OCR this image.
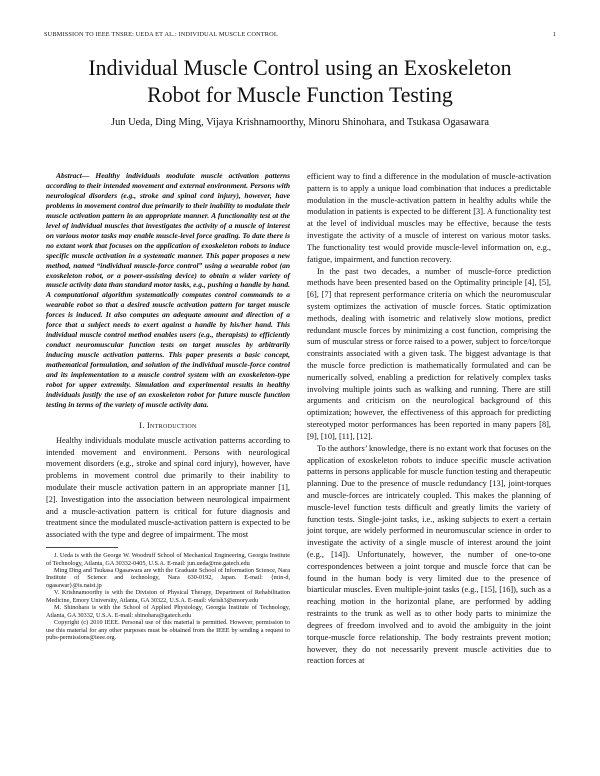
SUBMISSION TO IEEE TNSRE: UEDA ET AL.: INDIVIDUAL MUSCLE CONTROL	1
Individual Muscle Control using an Exoskeleton
Robot for Muscle Function Testing
Jun Ueda, Ding Ming, Vijaya Krishnamoorthy, Minoru Shinohara, and Tsukasa Ogasawara

Abstract— Healthy individuals modulate muscle activation patterns according to their intended movement and external environment. Persons with neurological disorders (e.g., stroke and spinal cord injury), however, have problems in movement control due primarily to their inability to modulate their muscle activation pattern in an appropriate manner. A functionality test at the level of individual muscles that investigates the activity of a muscle of interest on various motor tasks may enable muscle-level force grading. To date there is no extant work that focuses on the application of exoskeleton robots to induce specific muscle activation in a systematic manner. This paper proposes a new method, named “individual muscle-force control” using a wearable robot (an exoskeleton robot, or a power-assisting device) to obtain a wider variety of muscle activity data than standard motor tasks, e.g., pushing a handle by hand. A computational algorithm systematically computes control commands to a wearable robot so that a desired muscle activation pattern for target muscle forces is induced. It also computes an adequate amount and direction of a force that a subject needs to exert against a handle by his/her hand. This individual muscle control method enables users (e.g., therapists) to efficiently conduct neuromuscular function tests on target muscles by arbitrarily inducing muscle activation patterns. This paper presents a basic concept, mathematical formulation, and solution of the individual muscle-force control and its implementation to a muscle control system with an exoskeleton-type robot for upper extremity. Simulation and experimental results in healthy individuals justify the use of an exoskeleton robot for future muscle function testing in terms of the variety of muscle activity data.

I. Introduction

Healthy individuals modulate muscle activation patterns according to intended movement and environment. Persons with neurological movement disorders (e.g., stroke and spinal cord injury), however, have problems in movement control due primarily to their inability to modulate their muscle activation pattern in an appropriate manner [1], [2]. Investigation into the association between neurological impairment and a muscle-activation pattern is critical for future diagnosis and treatment since the modulated muscle-activation pattern is expected to be associated with the type and degree of impairment. The most

J. Ueda is with the George W. Woodruff School of Mechanical Engineering, Georgia Institute of Technology, Atlanta, GA 30332-0405, U.S.A. E-mail: jun.ueda@me.gatech.edu

Ming Ding and Tsukasa Ogasawara are with the Graduate School of Information Science, Nara Institute of Science and technology, Nara 630-0192, Japan. E-mail: {min-d, ogasawar}@is.naist.jp

V. Krishnamoorthy is with the Division of Physical Therapy, Department of Rehabilitation Medicine, Emory University, Atlanta, GA 30322, U.S.A. E-mail: vkrish3@emory.edu

M. Shinohara is with the School of Applied Physiology, Georgia Institute of Technology, Atlanta, GA 30332, U.S.A. E-mail: shinohara@gatech.edu

Copyright (c) 2010 IEEE. Personal use of this material is permitted. However, permission to use this material for any other purposes must be obtained from the IEEE by sending a request to pubs-permissions@ieee.org.

efficient way to find a difference in the modulation of muscle-activation pattern is to apply a unique load combination that induces a predictable modulation in the muscle-activation pattern in healthy adults while the modulation in patients is expected to be different [3]. A functionality test at the level of individual muscles may be effective, because the tests investigate the activity of a muscle of interest on various motor tasks. The functionality test would provide muscle-level information on, e.g., fatigue, impairment, and function recovery.

In the past two decades, a number of muscle-force prediction methods have been presented based on the Optimality principle [4], [5], [6], [7] that represent performance criteria on which the neuromuscular system optimizes the activation of muscle forces. Static optimization methods, dealing with isometric and relatively slow motions, predict redundant muscle forces by minimizing a cost function, comprising the sum of muscular stress or force raised to a power, subject to force/torque constraints associated with a given task. The biggest advantage is that the muscle force prediction is mathematically formulated and can be numerically solved, enabling a prediction for relatively complex tasks involving multiple joints such as walking and running. There are still arguments and criticism on the neurological background of this optimization; however, the effectiveness of this approach for predicting stereotyped motor performances has been reported in many papers [8], [9], [10], [11], [12].

To the authors’ knowledge, there is no extant work that focuses on the application of exoskeleton robots to induce specific muscle activation patterns in persons applicable for muscle function testing and therapeutic planning. Due to the presence of muscle redundancy [13], joint-torques and muscle-forces are intricately coupled. This makes the planning of muscle-level function tests difficult and greatly limits the variety of function tests. Single-joint tasks, i.e., asking subjects to exert a certain joint torque, are widely performed in neuromuscular science in order to investigate the activity of a single muscle of interest around the joint (e.g., [14]). Unfortunately, however, the number of one-to-one correspondences between a joint torque and muscle force that can be found in the human body is very limited due to the presence of biarticular muscles. Even multiple-joint tasks (e.g., [15], [16]), such as a reaching motion in the horizontal plane, are performed by adding restraints to the trunk as well as to other body parts to minimize the degrees of freedom involved and to avoid the ambiguity in the joint torque-muscle force relationship. The body restraints prevent motion; however, they do not necessarily prevent muscle activities due to reaction forces at
